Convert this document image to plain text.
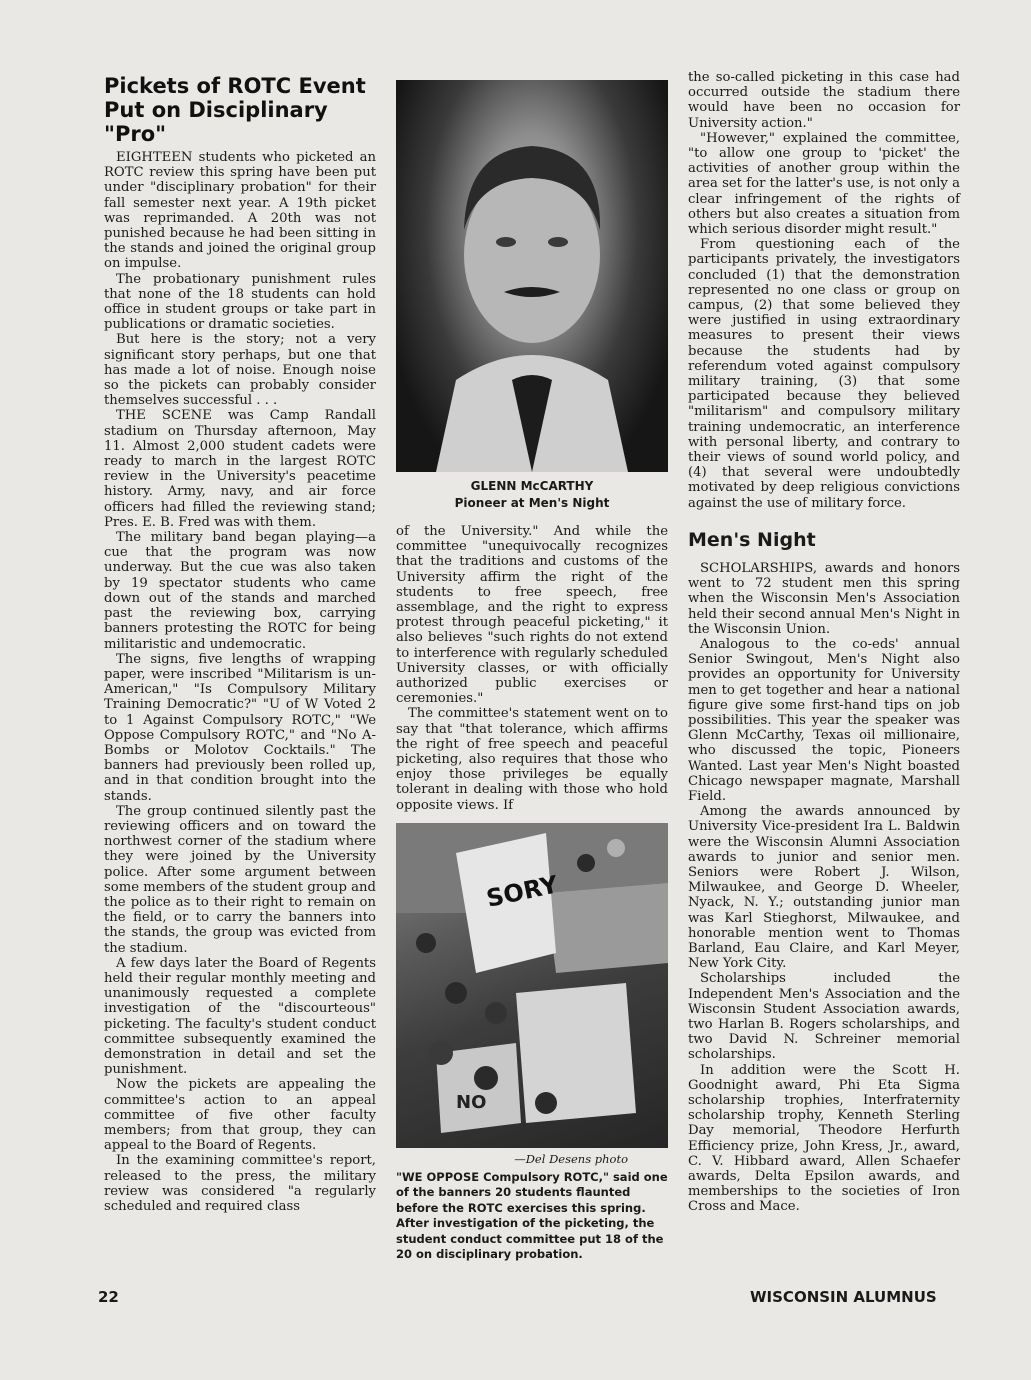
Pickets of ROTC Event
Put on Disciplinary "Pro"

EIGHTEEN students who picketed an ROTC review this spring have been put under "disciplinary probation" for their fall semester next year. A 19th picket was reprimanded. A 20th was not punished because he had been sitting in the stands and joined the original group on impulse.

The probationary punishment rules that none of the 18 students can hold office in student groups or take part in publications or dramatic societies.

But here is the story; not a very significant story perhaps, but one that has made a lot of noise. Enough noise so the pickets can probably consider themselves successful . . .

THE SCENE was Camp Randall stadium on Thursday afternoon, May 11. Almost 2,000 student cadets were ready to march in the largest ROTC review in the University's peacetime history. Army, navy, and air force officers had filled the reviewing stand; Pres. E. B. Fred was with them.

The military band began playing—a cue that the program was now underway. But the cue was also taken by 19 spectator students who came down out of the stands and marched past the reviewing box, carrying banners protesting the ROTC for being militaristic and undemocratic.

The signs, five lengths of wrapping paper, were inscribed "Militarism is un-American," "Is Compulsory Military Training Democratic?" "U of W Voted 2 to 1 Against Compulsory ROTC," "We Oppose Compulsory ROTC," and "No A-Bombs or Molotov Cocktails." The banners had previously been rolled up, and in that condition brought into the stands.

The group continued silently past the reviewing officers and on toward the northwest corner of the stadium where they were joined by the University police. After some argument between some members of the student group and the police as to their right to remain on the field, or to carry the banners into the stands, the group was evicted from the stadium.

A few days later the Board of Regents held their regular monthly meeting and unanimously requested a complete investigation of the "discourteous" picketing. The faculty's student conduct committee subsequently examined the demonstration in detail and set the punishment.

Now the pickets are appealing the committee's action to an appeal committee of five other faculty members; from that group, they can appeal to the Board of Regents.

In the examining committee's report, released to the press, the military review was considered "a regularly scheduled and required class

GLENN McCARTHY
Pioneer at Men's Night

of the University." And while the committee "unequivocally recognizes that the traditions and customs of the University affirm the right of the students to free speech, free assemblage, and the right to express protest through peaceful picketing," it also believes "such rights do not extend to interference with regularly scheduled University classes, or with officially authorized public exercises or ceremonies."

The committee's statement went on to say that "that tolerance, which affirms the right of free speech and peaceful picketing, also requires that those who enjoy those privileges be equally tolerant in dealing with those who hold opposite views. If

SORY
NO
—Del Desens photo

"WE OPPOSE Compulsory ROTC," said one of the banners 20 students flaunted before the ROTC exercises this spring. After investigation of the picketing, the student conduct committee put 18 of the 20 on disciplinary probation.

the so-called picketing in this case had occurred outside the stadium there would have been no occasion for University action."

"However," explained the committee, "to allow one group to 'picket' the activities of another group within the area set for the latter's use, is not only a clear infringement of the rights of others but also creates a situation from which serious disorder might result."

From questioning each of the participants privately, the investigators concluded (1) that the demonstration represented no one class or group on campus, (2) that some believed they were justified in using extraordinary measures to present their views because the students had by referendum voted against compulsory military training, (3) that some participated because they believed "militarism" and compulsory military training undemocratic, an interference with personal liberty, and contrary to their views of sound world policy, and (4) that several were undoubtedly motivated by deep religious convictions against the use of military force.

Men's Night

SCHOLARSHIPS, awards and honors went to 72 student men this spring when the Wisconsin Men's Association held their second annual Men's Night in the Wisconsin Union.

Analogous to the co-eds' annual Senior Swingout, Men's Night also provides an opportunity for University men to get together and hear a national figure give some first-hand tips on job possibilities. This year the speaker was Glenn McCarthy, Texas oil millionaire, who discussed the topic, Pioneers Wanted. Last year Men's Night boasted Chicago newspaper magnate, Marshall Field.

Among the awards announced by University Vice-president Ira L. Baldwin were the Wisconsin Alumni Association awards to junior and senior men. Seniors were Robert J. Wilson, Milwaukee, and George D. Wheeler, Nyack, N. Y.; outstanding junior man was Karl Stieghorst, Milwaukee, and honorable mention went to Thomas Barland, Eau Claire, and Karl Meyer, New York City.

Scholarships included the Independent Men's Association and the Wisconsin Student Association awards, two Harlan B. Rogers scholarships, and two David N. Schreiner memorial scholarships.

In addition were the Scott H. Goodnight award, Phi Eta Sigma scholarship trophies, Interfraternity scholarship trophy, Kenneth Sterling Day memorial, Theodore Herfurth Efficiency prize, John Kress, Jr., award, C. V. Hibbard award, Allen Schaefer awards, Delta Epsilon awards, and memberships to the societies of Iron Cross and Mace.

22	WISCONSIN ALUMNUS
